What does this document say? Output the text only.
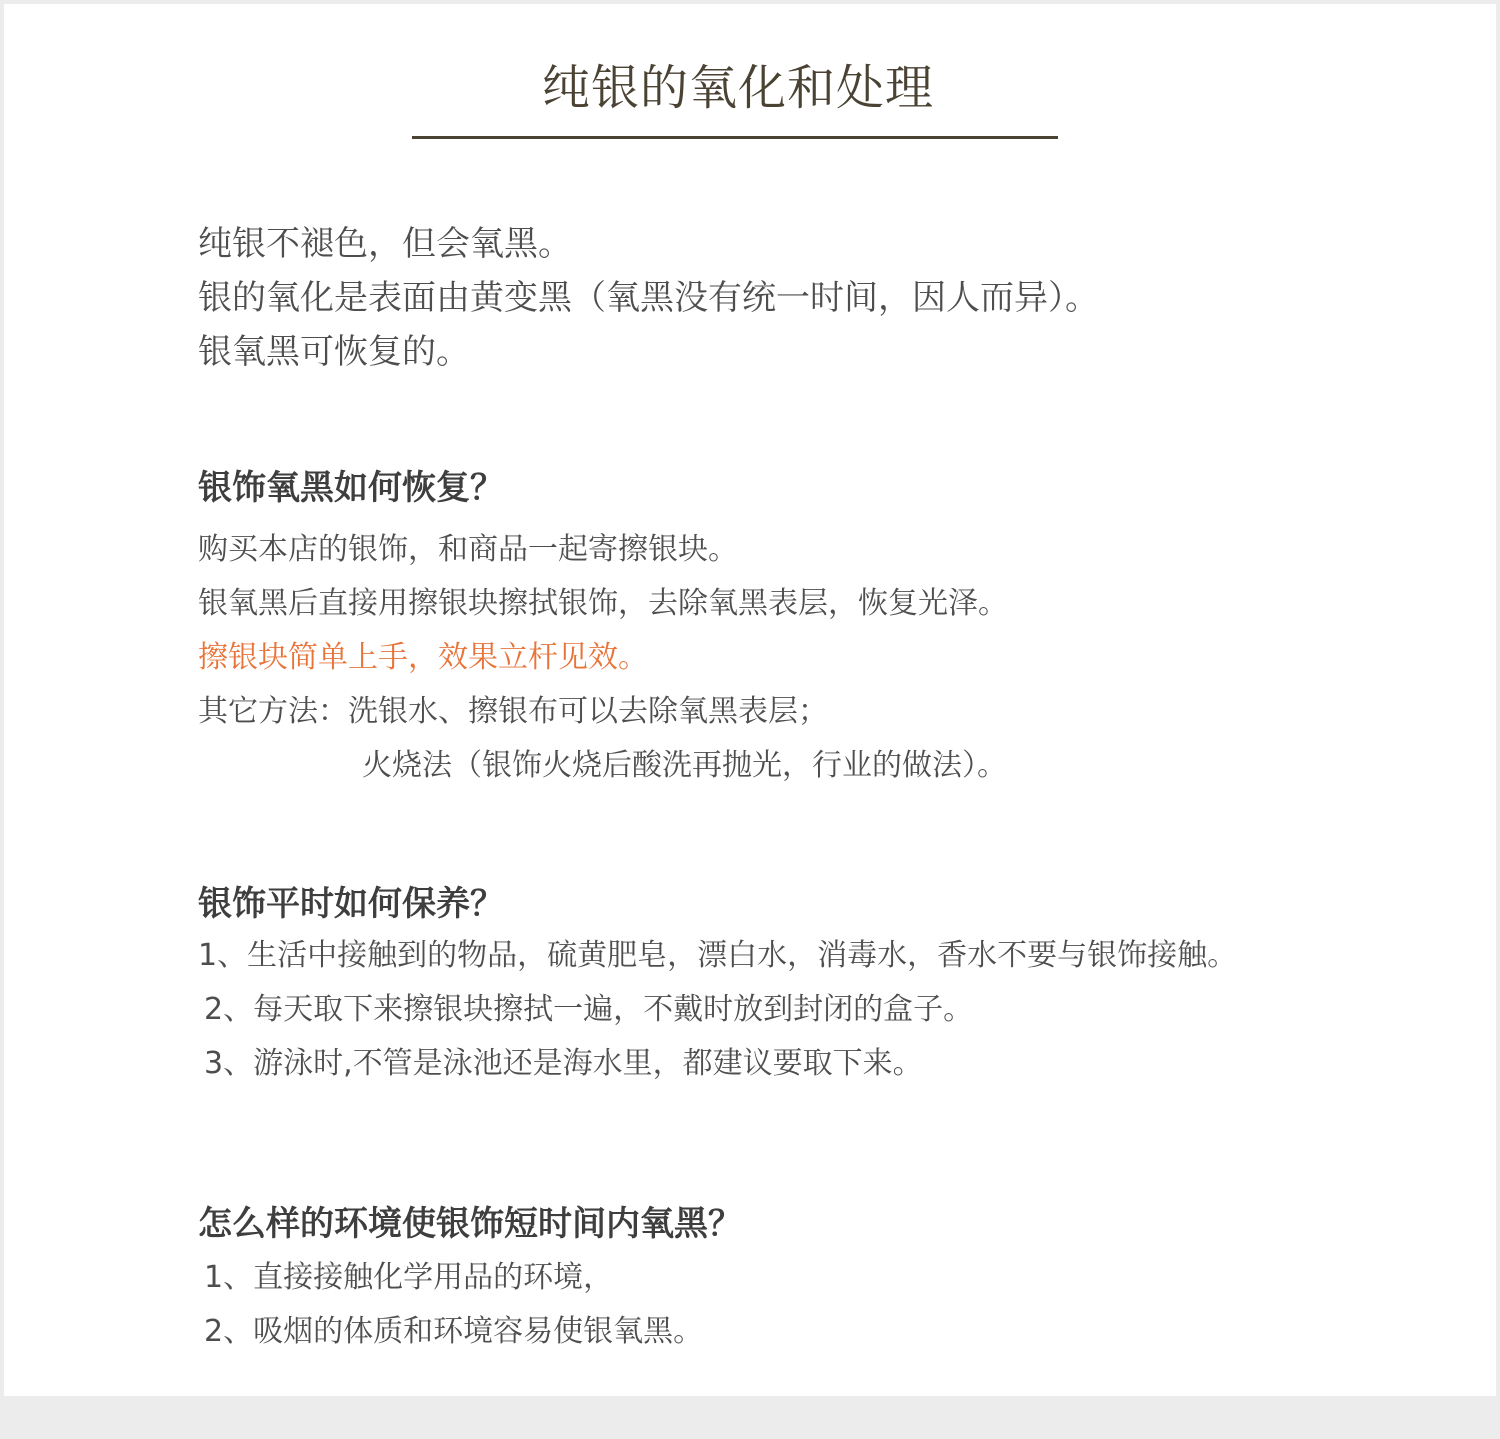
纯银的氧化和处理
纯银不褪色，但会氧黑。
银的氧化是表面由黄变黑（氧黑没有统一时间，因人而异）。
银氧黑可恢复的。
银饰氧黑如何恢复？
购买本店的银饰，和商品一起寄擦银块。
银氧黑后直接用擦银块擦拭银饰，去除氧黑表层，恢复光泽。
擦银块简单上手，效果立杆见效。
其它方法：洗银水、擦银布可以去除氧黑表层；
火烧法（银饰火烧后酸洗再抛光，行业的做法）。
银饰平时如何保养？
1、生活中接触到的物品，硫黄肥皂，漂白水，消毒水，香水不要与银饰接触。
2、每天取下来擦银块擦拭一遍，不戴时放到封闭的盒子。
3、游泳时,不管是泳池还是海水里，都建议要取下来。
怎么样的环境使银饰短时间内氧黑？
1、直接接触化学用品的环境，
2、吸烟的体质和环境容易使银氧黑。
